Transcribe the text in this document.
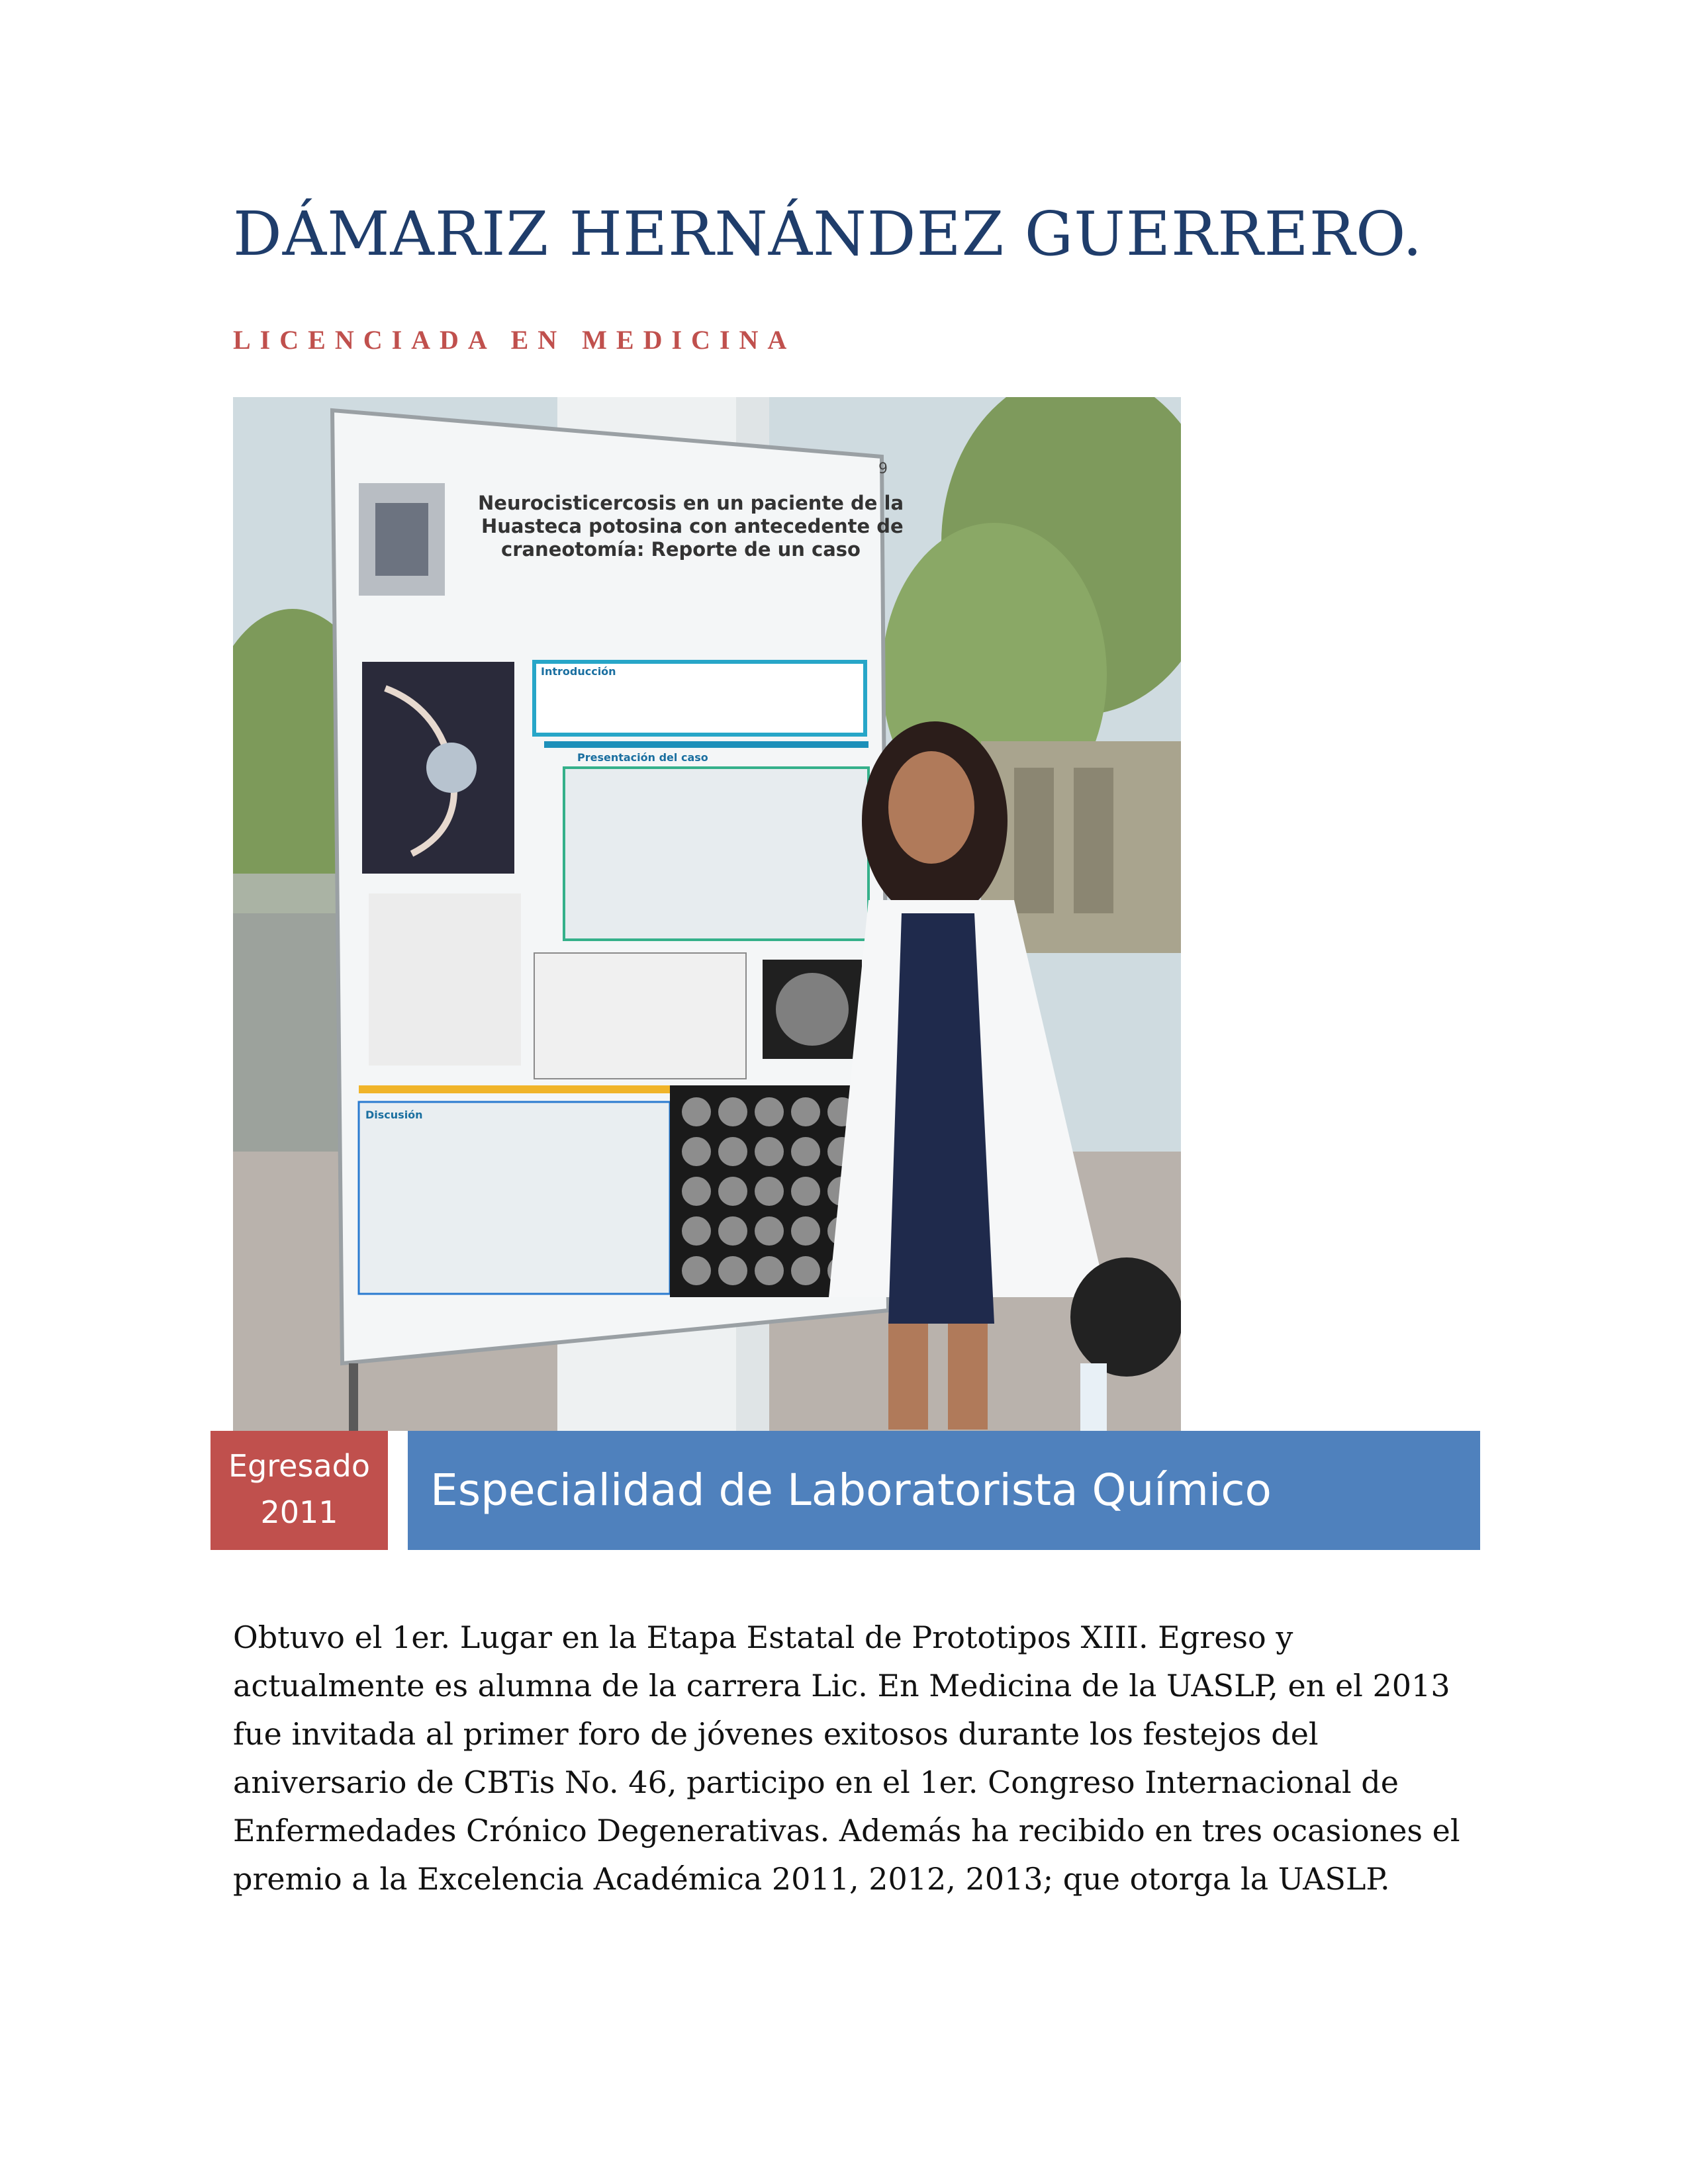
DÁMARIZ HERNÁNDEZ GUERRERO.
LICENCIADA EN MEDICINA
9
Neurocisticercosis en un paciente de la
Huasteca potosina con antecedente de
craneotomía: Reporte de un caso
Introducción
Presentación del caso
Discusión
Egresado
2011	Especialidad de Laboratorista Químico
Obtuvo el 1er. Lugar en la Etapa Estatal de Prototipos XIII. Egreso y
actualmente es alumna de la carrera Lic. En Medicina de la UASLP, en el 2013
fue invitada al primer foro de jóvenes exitosos durante los festejos del
aniversario de CBTis No. 46, participo en el 1er. Congreso Internacional de
Enfermedades Crónico Degenerativas. Además ha recibido en tres ocasiones el
premio a la Excelencia Académica 2011, 2012, 2013; que otorga la UASLP.
